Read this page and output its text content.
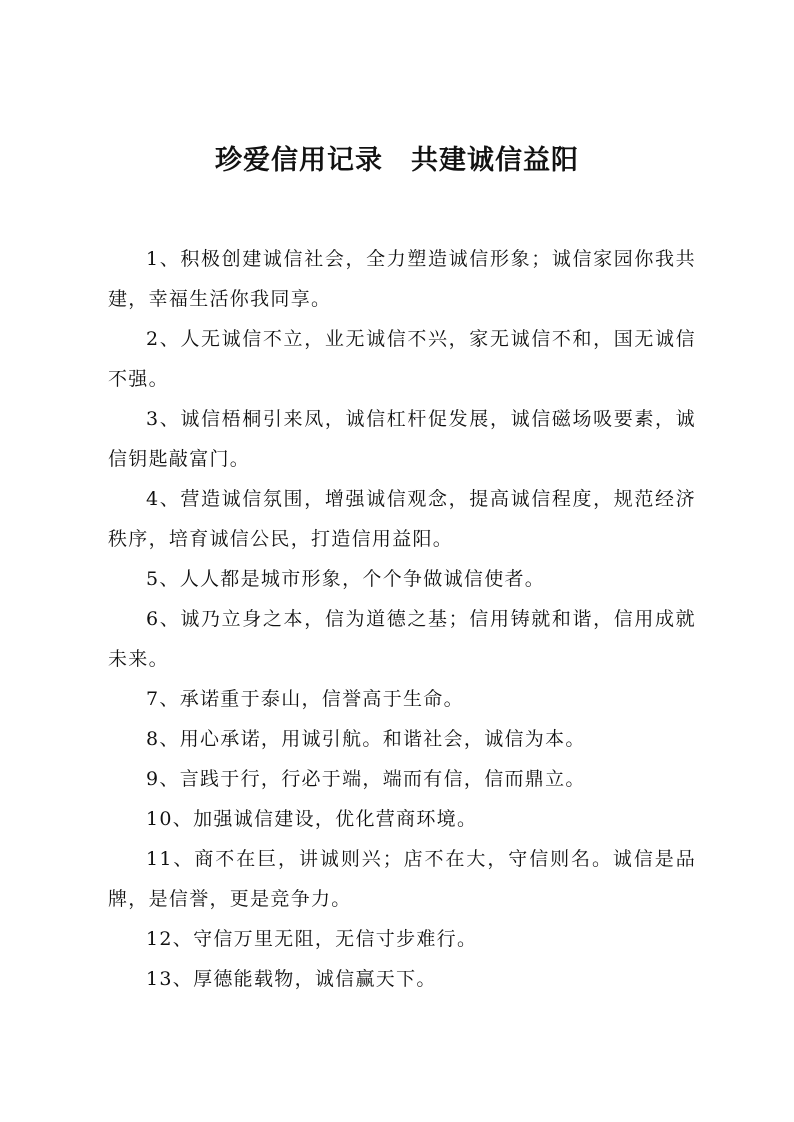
珍爱信用记录　共建诚信益阳

1、积极创建诚信社会，全力塑造诚信形象；诚信家园你我共建，幸福生活你我同享。

2、人无诚信不立，业无诚信不兴，家无诚信不和，国无诚信不强。

3、诚信梧桐引来凤，诚信杠杆促发展，诚信磁场吸要素，诚信钥匙敲富门。

4、营造诚信氛围，增强诚信观念，提高诚信程度，规范经济秩序，培育诚信公民，打造信用益阳。

5、人人都是城市形象，个个争做诚信使者。

6、诚乃立身之本，信为道德之基；信用铸就和谐，信用成就未来。

7、承诺重于泰山，信誉高于生命。

8、用心承诺，用诚引航。和谐社会，诚信为本。

9、言践于行，行必于端，端而有信，信而鼎立。

10、加强诚信建设，优化营商环境。

11、商不在巨，讲诚则兴；店不在大，守信则名。诚信是品牌，是信誉，更是竞争力。

12、守信万里无阻，无信寸步难行。

13、厚德能载物，诚信赢天下。
